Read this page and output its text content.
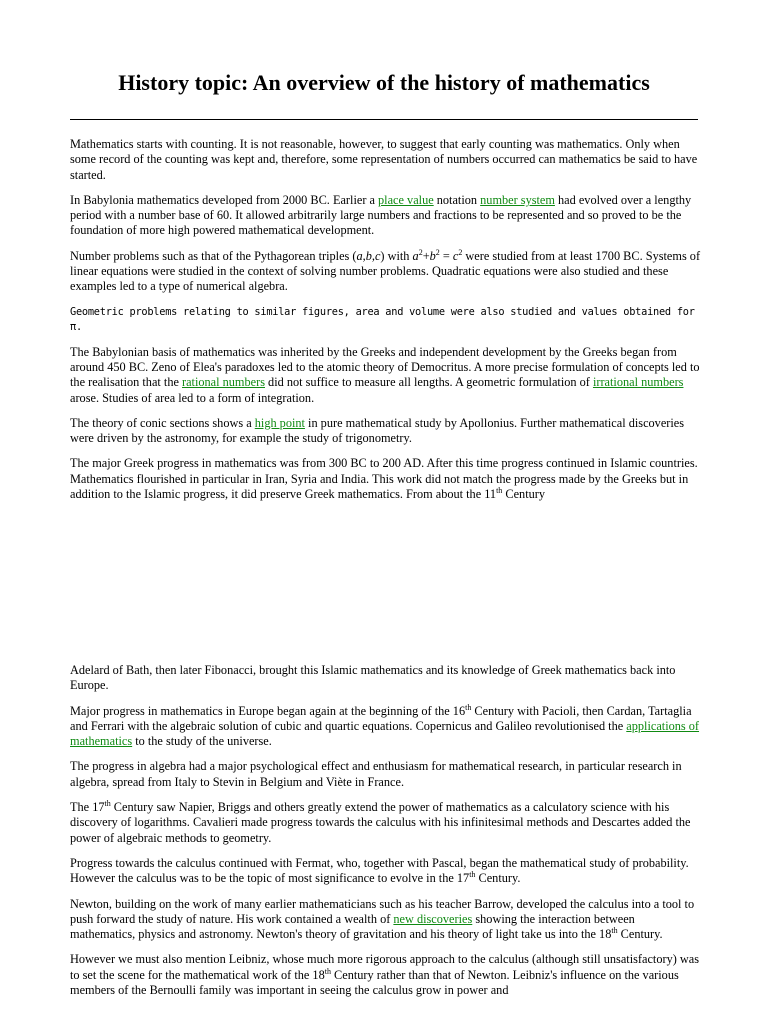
History topic: An overview of the history of mathematics

Mathematics starts with counting. It is not reasonable, however, to suggest that early counting was mathematics. Only when some record of the counting was kept and, therefore, some representation of numbers occurred can mathematics be said to have started.

In Babylonia mathematics developed from 2000 BC. Earlier a place value notation number system had evolved over a lengthy period with a number base of 60. It allowed arbitrarily large numbers and fractions to be represented and so proved to be the foundation of more high powered mathematical development.

Number problems such as that of the Pythagorean triples (a,b,c) with $a^2+b^2 = c^2$ were studied from at least 1700 BC. Systems of linear equations were studied in the context of solving number problems. Quadratic equations were also studied and these examples led to a type of numerical algebra.

Geometric problems relating to similar figures, area and volume were also studied and values obtained for π.

The Babylonian basis of mathematics was inherited by the Greeks and independent development by the Greeks began from around 450 BC. Zeno of Elea's paradoxes led to the atomic theory of Democritus. A more precise formulation of concepts led to the realisation that the rational numbers did not suffice to measure all lengths. A geometric formulation of irrational numbers arose. Studies of area led to a form of integration.

The theory of conic sections shows a high point in pure mathematical study by Apollonius. Further mathematical discoveries were driven by the astronomy, for example the study of trigonometry.

The major Greek progress in mathematics was from 300 BC to 200 AD. After this time progress continued in Islamic countries. Mathematics flourished in particular in Iran, Syria and India. This work did not match the progress made by the Greeks but in addition to the Islamic progress, it did preserve Greek mathematics. From about the 11th Century

Adelard of Bath, then later Fibonacci, brought this Islamic mathematics and its knowledge of Greek mathematics back into Europe.

Major progress in mathematics in Europe began again at the beginning of the 16th Century with Pacioli, then Cardan, Tartaglia and Ferrari with the algebraic solution of cubic and quartic equations. Copernicus and Galileo revolutionised the applications of mathematics to the study of the universe.

The progress in algebra had a major psychological effect and enthusiasm for mathematical research, in particular research in algebra, spread from Italy to Stevin in Belgium and Viète in France.

The 17th Century saw Napier, Briggs and others greatly extend the power of mathematics as a calculatory science with his discovery of logarithms. Cavalieri made progress towards the calculus with his infinitesimal methods and Descartes added the power of algebraic methods to geometry.

Progress towards the calculus continued with Fermat, who, together with Pascal, began the mathematical study of probability. However the calculus was to be the topic of most significance to evolve in the 17th Century.

Newton, building on the work of many earlier mathematicians such as his teacher Barrow, developed the calculus into a tool to push forward the study of nature. His work contained a wealth of new discoveries showing the interaction between mathematics, physics and astronomy. Newton's theory of gravitation and his theory of light take us into the 18th Century.

However we must also mention Leibniz, whose much more rigorous approach to the calculus (although still unsatisfactory) was to set the scene for the mathematical work of the 18th Century rather than that of Newton. Leibniz's influence on the various members of the Bernoulli family was important in seeing the calculus grow in power and
